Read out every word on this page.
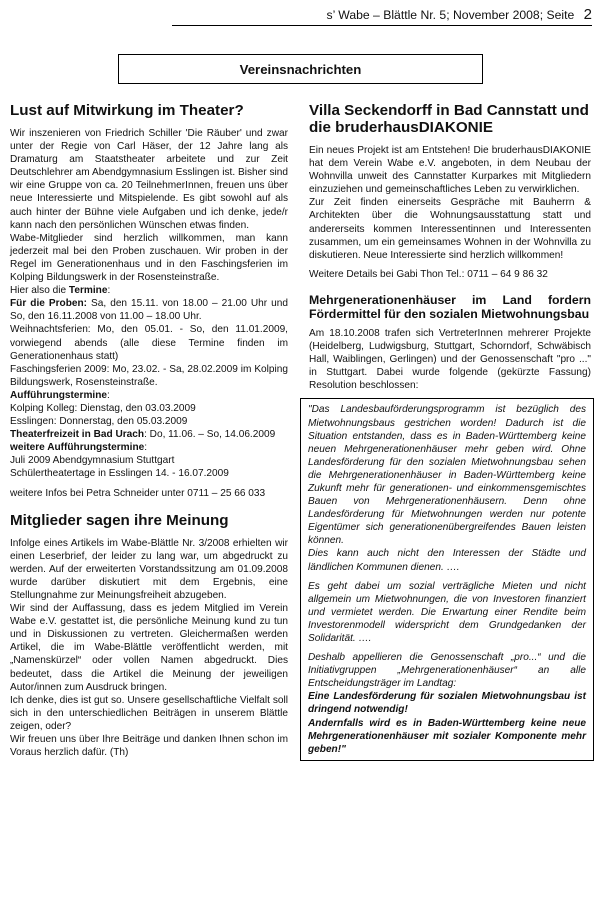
s’ Wabe – Blättle Nr. 5; November 2008; Seite 2
Vereinsnachrichten
Lust auf Mitwirkung im Theater?

Wir inszenieren von Friedrich Schiller 'Die Räuber' und zwar unter der Regie von Carl Häser, der 12 Jahre lang als Dramaturg am Staatstheater arbeitete und zur Zeit Deutschlehrer am Abendgymnasium Esslingen ist. Bisher sind wir eine Gruppe von ca. 20 TeilnehmerInnen, freuen uns über neue Interessierte und Mitspielende. Es gibt sowohl auf als auch hinter der Bühne viele Aufgaben und ich denke, jede/r kann nach den persönlichen Wünschen etwas finden.

Wabe-Mitglieder sind herzlich willkommen, man kann jederzeit mal bei den Proben zuschauen. Wir proben in der Regel im Generationenhaus und in den Faschingsferien im Kolping Bildungswerk in der Rosensteinstraße.

Hier also die Termine:

Für die Proben: Sa, den 15.11. von 18.00 – 21.00 Uhr und So, den 16.11.2008 von 11.00 – 18.00 Uhr.

Weihnachtsferien: Mo, den 05.01. - So, den 11.01.2009, vorwiegend abends (alle diese Termine finden im Generationenhaus statt)

Faschingsferien 2009: Mo, 23.02. - Sa, 28.02.2009 im Kolping Bildungswerk, Rosensteinstraße.

Aufführungstermine:
Kolping Kolleg: Dienstag, den 03.03.2009
Esslingen: Donnerstag, den 05.03.2009

Theaterfreizeit in Bad Urach: Do, 11.06. – So, 14.06.2009

weitere Aufführungstermine:
Juli 2009 Abendgymnasium Stuttgart
Schülertheatertage in Esslingen 14. - 16.07.2009
weitere Infos bei Petra Schneider unter 0711 – 25 66 033
Mitglieder sagen ihre Meinung

Infolge eines Artikels im Wabe-Blättle Nr. 3/2008 erhielten wir einen Leserbrief, der leider zu lang war, um abgedruckt zu werden. Auf der erweiterten Vorstandssitzung am 01.09.2008 wurde darüber diskutiert mit dem Ergebnis, eine Stellungnahme zur Meinungsfreiheit abzugeben.

Wir sind der Auffassung, dass es jedem Mitglied im Verein Wabe e.V. gestattet ist, die persönliche Meinung kund zu tun und in Diskussionen zu vertreten. Gleichermaßen werden Artikel, die im Wabe-Blättle veröffentlicht werden, mit „Namenskürzel“ oder vollen Namen abgedruckt. Dies bedeutet, dass die Artikel die Meinung der jeweiligen Autor/innen zum Ausdruck bringen.

Ich denke, dies ist gut so. Unsere gesellschaftliche Vielfalt soll sich in den unterschiedlichen Beiträgen in unserem Blättle zeigen, oder?

Wir freuen uns über Ihre Beiträge und danken Ihnen schon im Voraus herzlich dafür. (Th)

Villa Seckendorff in Bad Cannstatt und die bruderhausDIAKONIE

Ein neues Projekt ist am Entstehen! Die bruderhausDIAKONIE hat dem Verein Wabe e.V. angeboten, in dem Neubau der Wohnvilla unweit des Cannstatter Kurparkes mit Mitgliedern einzuziehen und gemeinschaftliches Leben zu verwirklichen.

Zur Zeit finden einerseits Gespräche mit Bauherrn & Architekten über die Wohnungsausstattung statt und andererseits kommen Interessentinnen und Interessenten zusammen, um ein gemeinsames Wohnen in der Wohnvilla zu diskutieren. Neue Interessierte sind herzlich willkommen!

Weitere Details bei Gabi Thon Tel.: 0711 – 64 9 86 32
Mehrgenerationenhäuser im Land fordern Fördermittel für den sozialen Mietwohnungsbau

Am 18.10.2008 trafen sich VertreterInnen mehrerer Projekte (Heidelberg, Ludwigsburg, Stuttgart, Schorndorf, Schwäbisch Hall, Waiblingen, Gerlingen) und der Genossenschaft "pro ..." in Stuttgart. Dabei wurde folgende (gekürzte Fassung) Resolution beschlossen:

"Das Landesbauförderungsprogramm ist bezüglich des Mietwohnungsbaus gestrichen worden! Dadurch ist die Situation entstanden, dass es in Baden-Württemberg keine neuen Mehrgenerationenhäuser mehr geben wird. Ohne Landesförderung für den sozialen Mietwohnungsbau sehen die Mehrgenerationenhäuser in Baden-Württemberg keine Zukunft mehr für generationen- und einkommensgemischtes Bauen von Mehrgenerationenhäusern. Denn ohne Landesförderung für Mietwohnungen werden nur potente Eigentümer sich generationenübergreifendes Bauen leisten können.

Dies kann auch nicht den Interessen der Städte und ländlichen Kommunen dienen. ….

Es geht dabei um sozial verträgliche Mieten und nicht allgemein um Mietwohnungen, die von Investoren finanziert und vermietet werden. Die Erwartung einer Rendite beim Investorenmodell widerspricht dem Grundgedanken der Solidarität. ….

Deshalb appellieren die Genossenschaft „pro...“ und die Initiativgruppen „Mehrgenerationenhäuser“ an alle Entscheidungsträger im Landtag:

Eine Landesförderung für sozialen Mietwohnungsbau ist dringend notwendig!

Andernfalls wird es in Baden-Württemberg keine neue Mehrgenerationenhäuser mit sozialer Komponente mehr geben!"
